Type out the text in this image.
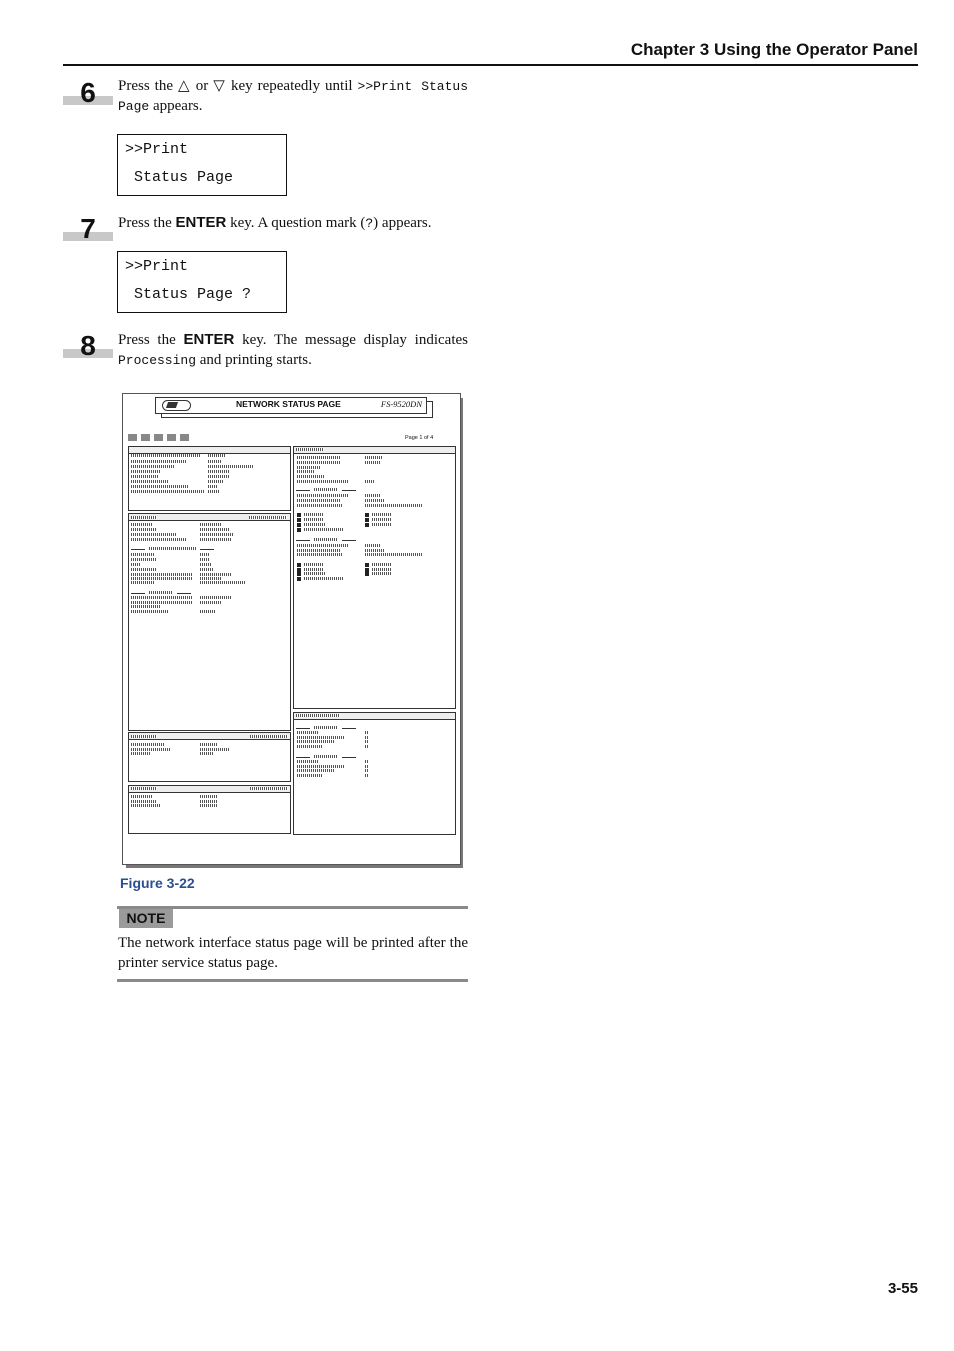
Chapter 3 Using the Operator Panel
6	Press the △ or ▽ key repeatedly until >>Print Status Page appears.
>>Print
Status Page
7	Press the ENTER key. A question mark (?) appears.
>>Print
Status Page ?
8	Press the ENTER key. The message display indicates Processing and printing starts.
NETWORK STATUS PAGE	FS-9520DN
Page 1 of 4
Figure 3-22
NOTE
The network interface status page will be printed after the printer service status page.
3-55
